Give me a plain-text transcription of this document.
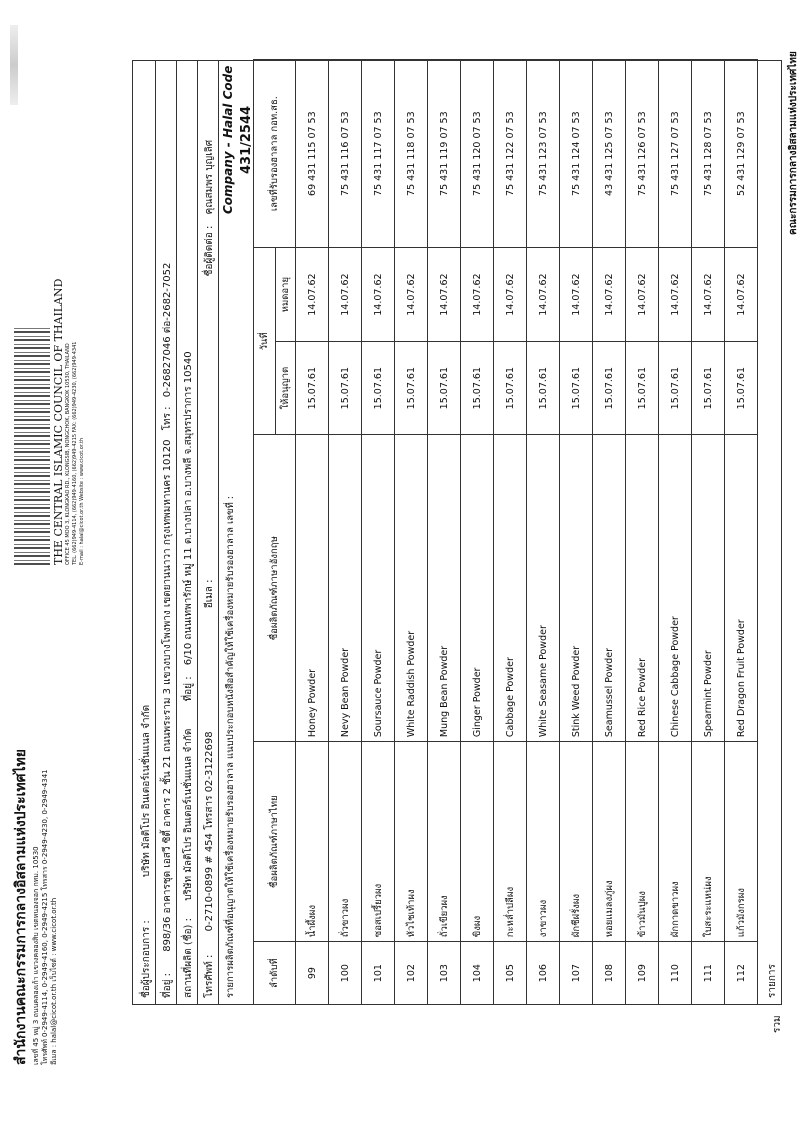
สำนักงานคณะกรรมการกลางอิสลามแห่งประเทศไทย เลขที่ 45 หมู่ 3 ถนนคลองเก้า แขวงคลองสิบ เขตหนองจอก กทม. 10530 โทรศัพท์ 0-2949-4114, 0-2949-4160, 0-2949-4215 โทรสาร 0-2949-4230, 0-2949-4341 อีเมล : halal@cicot.or.th เว็บไซต์ : www.cicot.or.th
THE CENTRAL ISLAMIC COUNCIL OF THAILAND OFFICE 45 MOO 3, KLONGKAO RD., KLONGSIB, NONGCHOK, BANGKOK 10530, THAILAND TEL. (662)949-4114, (662)949-4160, (662)949-4215 FAX: (662)949-4230, (662)949-4341 E-mail : halal@cicot.or.th Website : www.cicot.or.th
ชื่อผู้ประกอบการ : บริษัท มัลติโปร อินเตอร์เนชั่นแนล จำกัด
ที่อยู่ : 898/36 อาคารชุด เอสวี ซิตี้ อาคาร 2 ชั้น 21 ถนนพระราม 3 แขวงบางโพงพาง เขตยานนาวา กรุงเทพมหานคร 10120 โทร : 0-26827046 ต่อ-2682-7052
สถานที่ผลิต (ชื่อ) : บริษัท มัลติโปร อินเตอร์เนชั่นแนล จำกัด ที่อยู่ : 6/10 ถนนเทพารักษ์ หมู่ 11 ต.บางปลา อ.บางพลี จ.สมุทรปราการ 10540
โทรศัพท์ : 0-2710-0899 # 454 โทรสาร 02-3122698 อีเมล : ชื่อผู้ติดต่อ : คุณสมพร บุญเลิศ
รายการผลิตภัณฑ์ที่อนุญาตให้ใช้เครื่องหมายรับรองฮาลาล แนบประกอบหนังสือสำคัญให้ใช้เครื่องหมายรับรองฮาลาล เลขที่ :
Company - Halal Code 431/2544
ลำดับที่	ชื่อผลิตภัณฑ์ภาษาไทย	ชื่อผลิตภัณฑ์ภาษาอังกฤษ	วันที่		เลขที่รับรองฮาลาล กอท.สธ.
			ให้อนุญาต	หมดอายุ	
99	น้ำผึ้งผง	Honey Powder	15.07.61	14.07.62	69 431 115 07 53
100	ถั่วขาวผง	Nevy Bean Powder	15.07.61	14.07.62	75 431 116 07 53
101	ซอสเปรี้ยวผง	Soursauce Powder	15.07.61	14.07.62	75 431 117 07 53
102	หัวไชเท้าผง	White Raddish Powder	15.07.61	14.07.62	75 431 118 07 53
103	ถั่วเขียวผง	Mung Bean Powder	15.07.61	14.07.62	75 431 119 07 53
104	ขิงผง	Ginger Powder	15.07.61	14.07.62	75 431 120 07 53
105	กะหล่ำปลีผง	Cabbage Powder	15.07.61	14.07.62	75 431 122 07 53
106	งาขาวผง	White Seasame Powder	15.07.61	14.07.62	75 431 123 07 53
107	ผักชีฝรั่งผง	Stink Weed Powder	15.07.61	14.07.62	75 431 124 07 53
108	หอยแมลงภู่ผง	Seamussel Powder	15.07.61	14.07.62	43 431 125 07 53
109	ข้าวมันปูผง	Red Rice Powder	15.07.61	14.07.62	75 431 126 07 53
110	ผักกาดขาวผง	Chinese Cabbage Powder	15.07.61	14.07.62	75 431 127 07 53
111	ใบสะระแหน่ผง	Spearmint Powder	15.07.61	14.07.62	75 431 128 07 53
112	แก้วมังกรผง	Red Dragon Fruit Powder	15.07.61	14.07.62	52 431 129 07 53
รายการ
รวม
คณะกรรมการกลางอิสลามแห่งประเทศไทย
